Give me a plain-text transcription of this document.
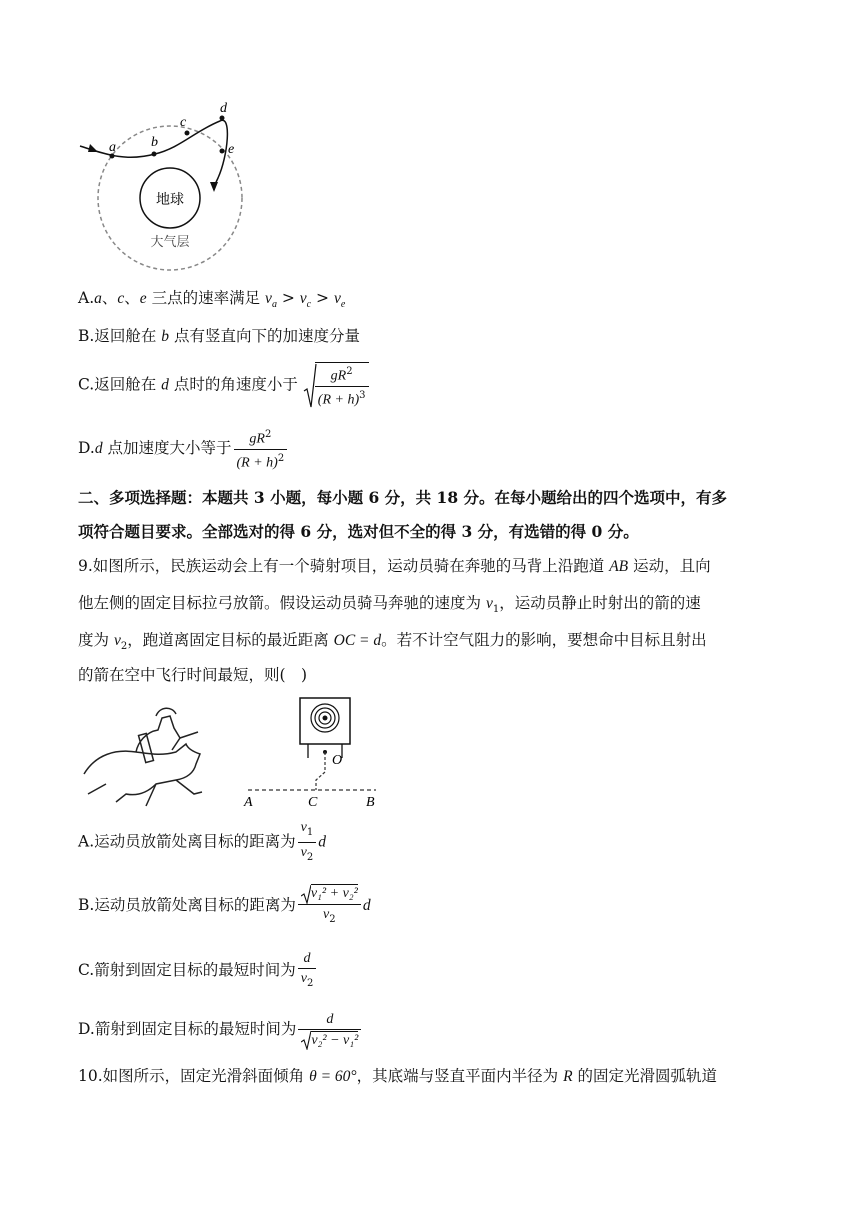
地球
大气层
a	b
c
d
e
A.a、c、e 三点的速率满足 $v_a > v_c > v_e$
B.返回舱在 b 点有竖直向下的加速度分量
C.返回舱在 d 点时的角速度小于 $\frac{gR^2}{(R + h)^3}$
D.d 点加速度大小等于 $\frac{gR^2}{(R + h)^2}$
二、多项选择题：本题共 3 小题，每小题 6 分，共 18 分。在每小题给出的四个选项中，有多
项符合题目要求。全部选对的得 6 分，选对但不全的得 3 分，有选错的得 0 分。
9.如图所示，民族运动会上有一个骑射项目，运动员骑在奔驰的马背上沿跑道 AB 运动，且向
他左侧的固定目标拉弓放箭。假设运动员骑马奔驰的速度为 $v_1$，运动员静止时射出的箭的速
度为 $v_2$，跑道离固定目标的最近距离 OC = d。若不计空气阻力的影响，要想命中目标且射出
的箭在空中飞行时间最短，则(　)
A	C	B
O
A.运动员放箭处离目标的距离为 $\frac{v_1}{v_2}$ d
B.运动员放箭处离目标的距离为 $\frac{\text{v₁² + v₂²}}{v_2}$ d
C.箭射到固定目标的最短时间为 $\frac{d}{v_2}$
D.箭射到固定目标的最短时间为 $\frac{d}{\text{v₂² − v₁²}}$
10.如图所示，固定光滑斜面倾角 θ = 60°，其底端与竖直平面内半径为 R 的固定光滑圆弧轨道
